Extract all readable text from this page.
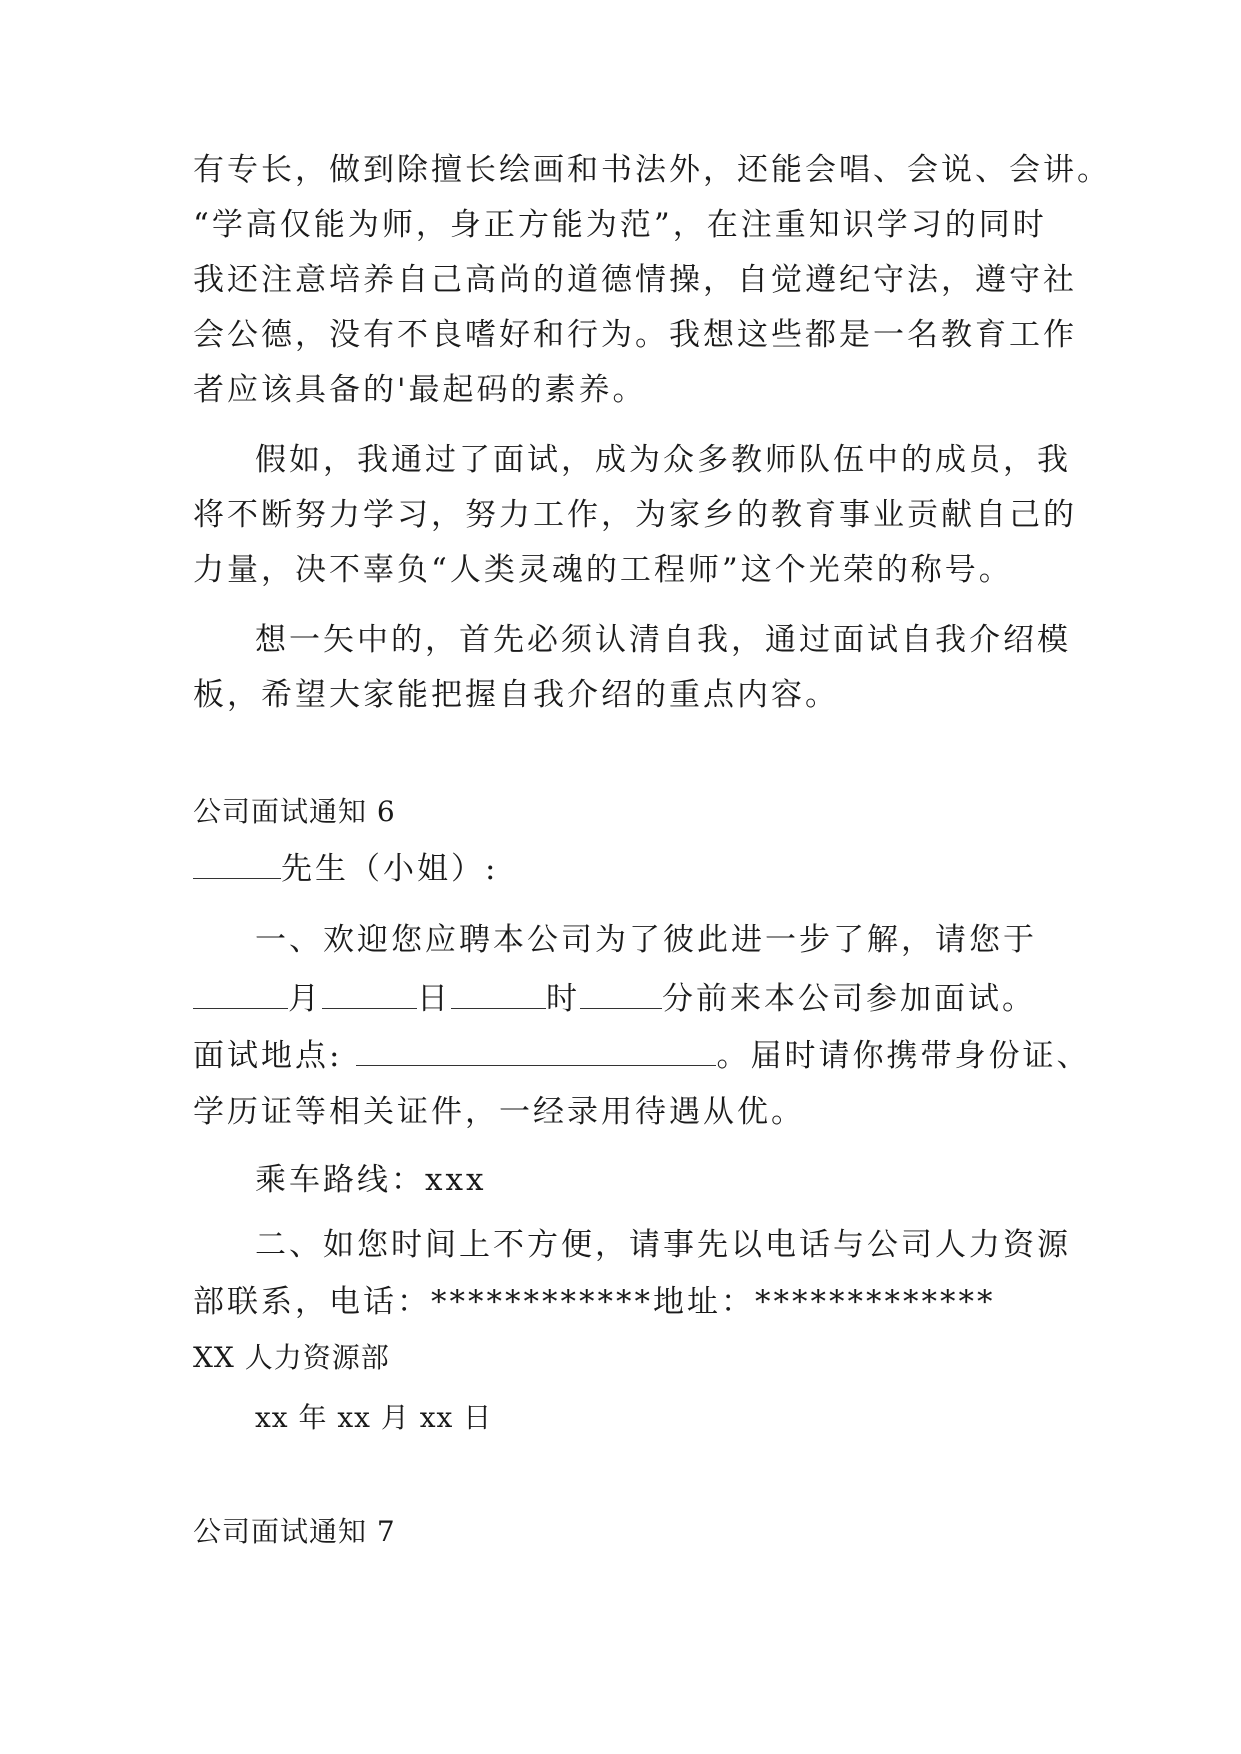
有专长，做到除擅长绘画和书法外，还能会唱、会说、会讲。
“学高仅能为师，身正方能为范”，在注重知识学习的同时
我还注意培养自己高尚的道德情操，自觉遵纪守法，遵守社
会公德，没有不良嗜好和行为。我想这些都是一名教育工作
者应该具备的'最起码的素养。
假如，我通过了面试，成为众多教师队伍中的成员，我
将不断努力学习，努力工作，为家乡的教育事业贡献自己的
力量，决不辜负“人类灵魂的工程师”这个光荣的称号。
想一矢中的，首先必须认清自我，通过面试自我介绍模
板，希望大家能把握自我介绍的重点内容。
公司面试通知 6
先生（小姐）:
一、欢迎您应聘本公司为了彼此进一步了解，请您于
月	日	时	分前来本公司参加面试。
面试地点:	。届时请你携带身份证、
学历证等相关证件，一经录用待遇从优。
乘车路线：xxx
二、如您时间上不方便，请事先以电话与公司人力资源
部联系，电话：************地址：*************
XX 人力资源部
xx 年 xx 月 xx 日
公司面试通知 7
